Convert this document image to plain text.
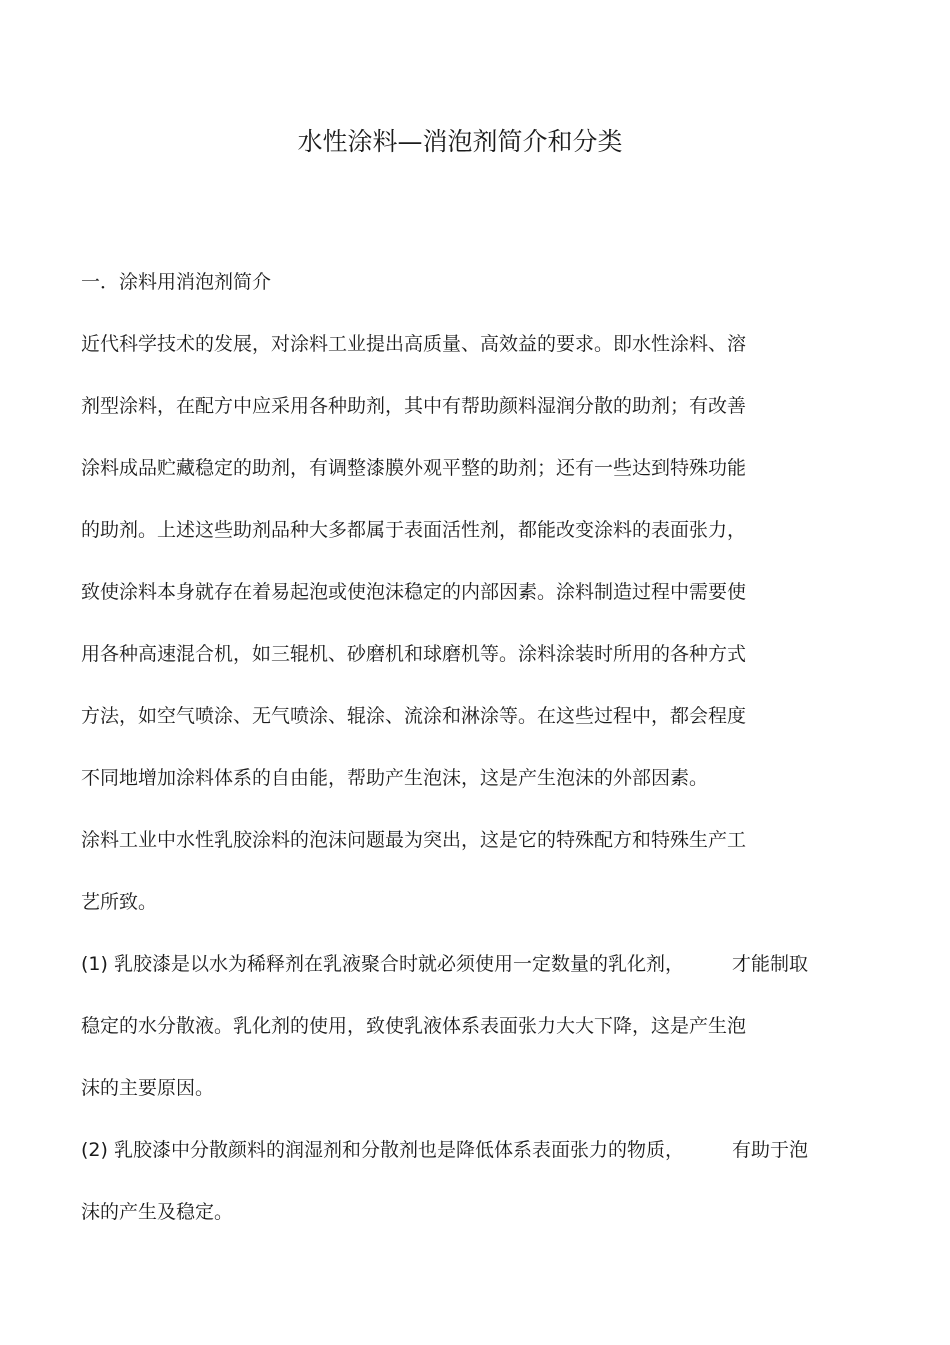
水性涂料—消泡剂简介和分类
一．涂料用消泡剂简介
近代科学技术的发展，对涂料工业提出高质量、高效益的要求。即水性涂料、溶
剂型涂料，在配方中应采用各种助剂，其中有帮助颜料湿润分散的助剂；有改善
涂料成品贮藏稳定的助剂，有调整漆膜外观平整的助剂；还有一些达到特殊功能
的助剂。上述这些助剂品种大多都属于表面活性剂，都能改变涂料的表面张力，
致使涂料本身就存在着易起泡或使泡沫稳定的内部因素。涂料制造过程中需要使
用各种高速混合机，如三辊机、砂磨机和球磨机等。涂料涂装时所用的各种方式
方法，如空气喷涂、无气喷涂、辊涂、流涂和淋涂等。在这些过程中，都会程度
不同地增加涂料体系的自由能，帮助产生泡沫，这是产生泡沫的外部因素。
涂料工业中水性乳胶涂料的泡沫问题最为突出，这是它的特殊配方和特殊生产工
艺所致。
(1) 乳胶漆是以水为稀释剂在乳液聚合时就必须使用一定数量的乳化剂，	才能制取
稳定的水分散液。乳化剂的使用，致使乳液体系表面张力大大下降，这是产生泡
沫的主要原因。
(2) 乳胶漆中分散颜料的润湿剂和分散剂也是降低体系表面张力的物质，	有助于泡
沫的产生及稳定。
